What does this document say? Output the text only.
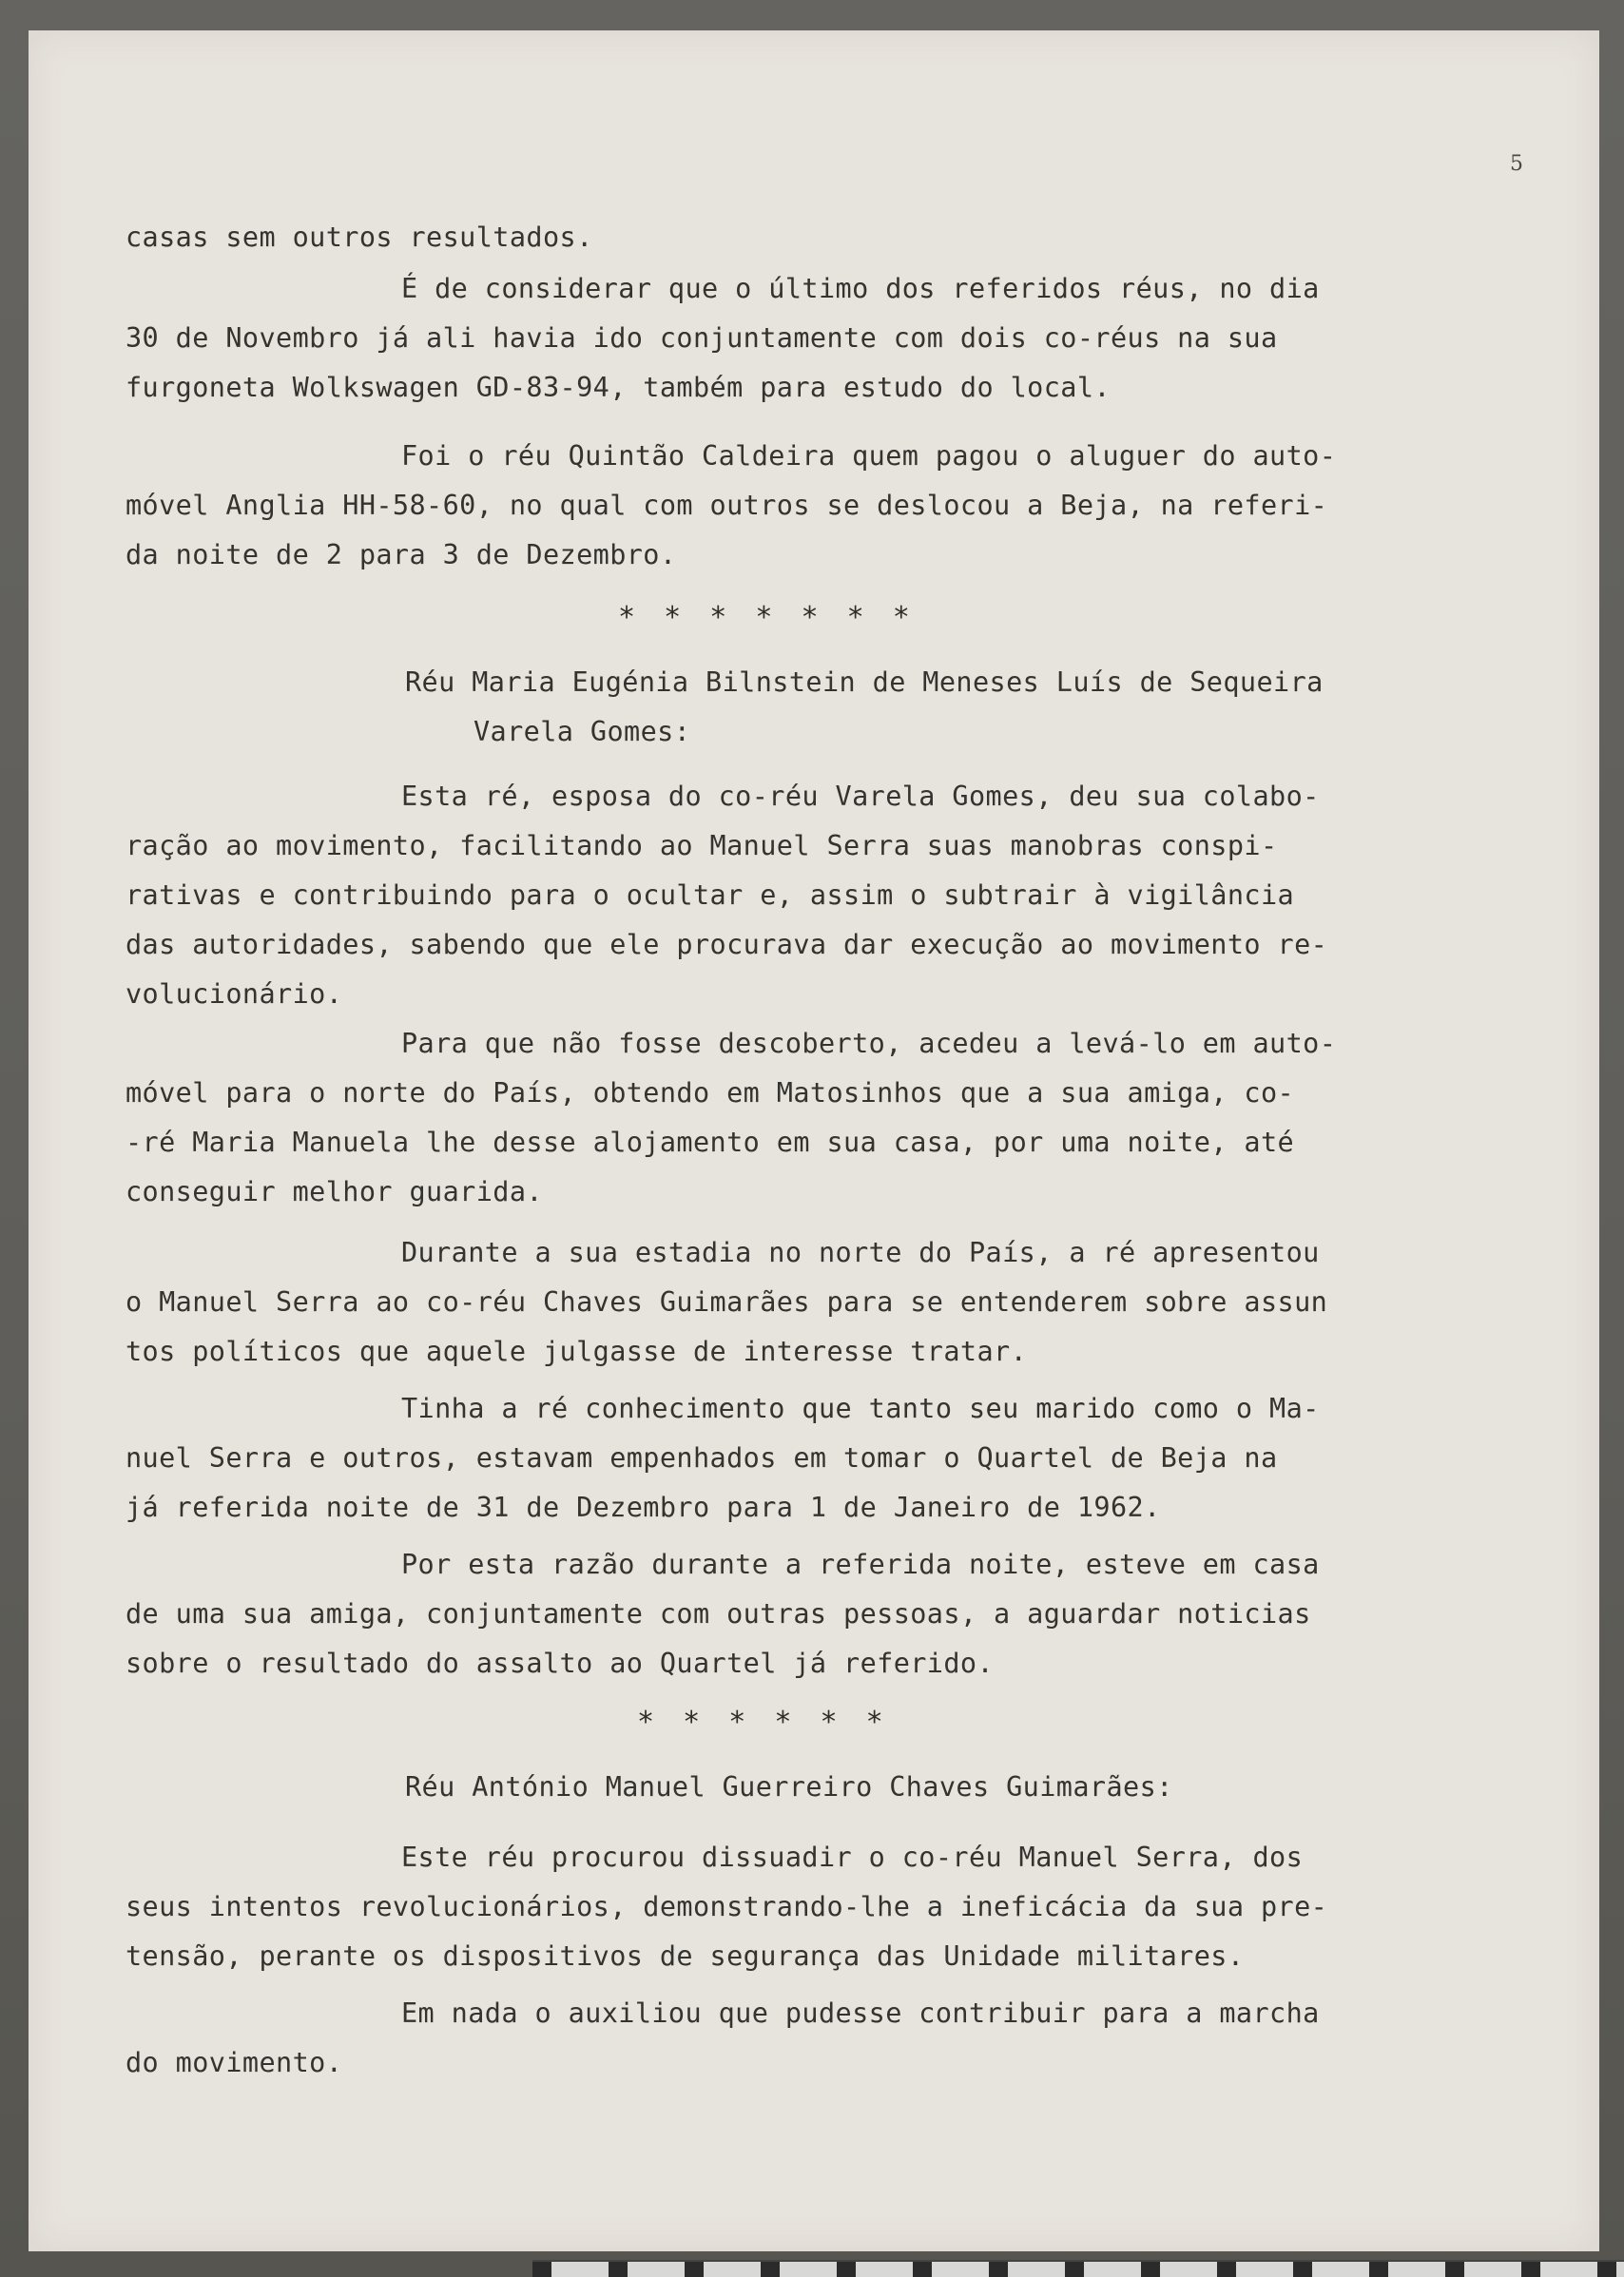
5
casas sem outros resultados.
É de considerar que o último dos referidos réus, no dia
30 de Novembro já ali havia ido conjuntamente com dois co-réus na sua
furgoneta Wolkswagen GD-83-94, também para estudo do local.
Foi o réu Quintão Caldeira quem pagou o aluguer do auto-
móvel Anglia HH-58-60, no qual com outros se deslocou a Beja, na referi-
da noite de 2 para 3 de Dezembro.
* * * * * * *
Réu Maria Eugénia Bilnstein de Meneses Luís de Sequeira
Varela Gomes:
Esta ré, esposa do co-réu Varela Gomes, deu sua colabo-
ração ao movimento, facilitando ao Manuel Serra suas manobras conspi-
rativas e contribuindo para o ocultar e, assim o subtrair à vigilância
das autoridades, sabendo que ele procurava dar execução ao movimento re-
volucionário.
Para que não fosse descoberto, acedeu a levá-lo em auto-
móvel para o norte do País, obtendo em Matosinhos que a sua amiga, co-
-ré Maria Manuela lhe desse alojamento em sua casa, por uma noite, até
conseguir melhor guarida.
Durante a sua estadia no norte do País, a ré apresentou
o Manuel Serra ao co-réu Chaves Guimarães para se entenderem sobre assun
tos políticos que aquele julgasse de interesse tratar.
Tinha a ré conhecimento que tanto seu marido como o Ma-
nuel Serra e outros, estavam empenhados em tomar o Quartel de Beja na
já referida noite de 31 de Dezembro para 1 de Janeiro de 1962.
Por esta razão durante a referida noite, esteve em casa
de uma sua amiga, conjuntamente com outras pessoas, a aguardar noticias
sobre o resultado do assalto ao Quartel já referido.
* * * * * *
Réu António Manuel Guerreiro Chaves Guimarães:
Este réu procurou dissuadir o co-réu Manuel Serra, dos
seus intentos revolucionários, demonstrando-lhe a ineficácia da sua pre-
tensão, perante os dispositivos de segurança das Unidade militares.
Em nada o auxiliou que pudesse contribuir para a marcha
do movimento.
